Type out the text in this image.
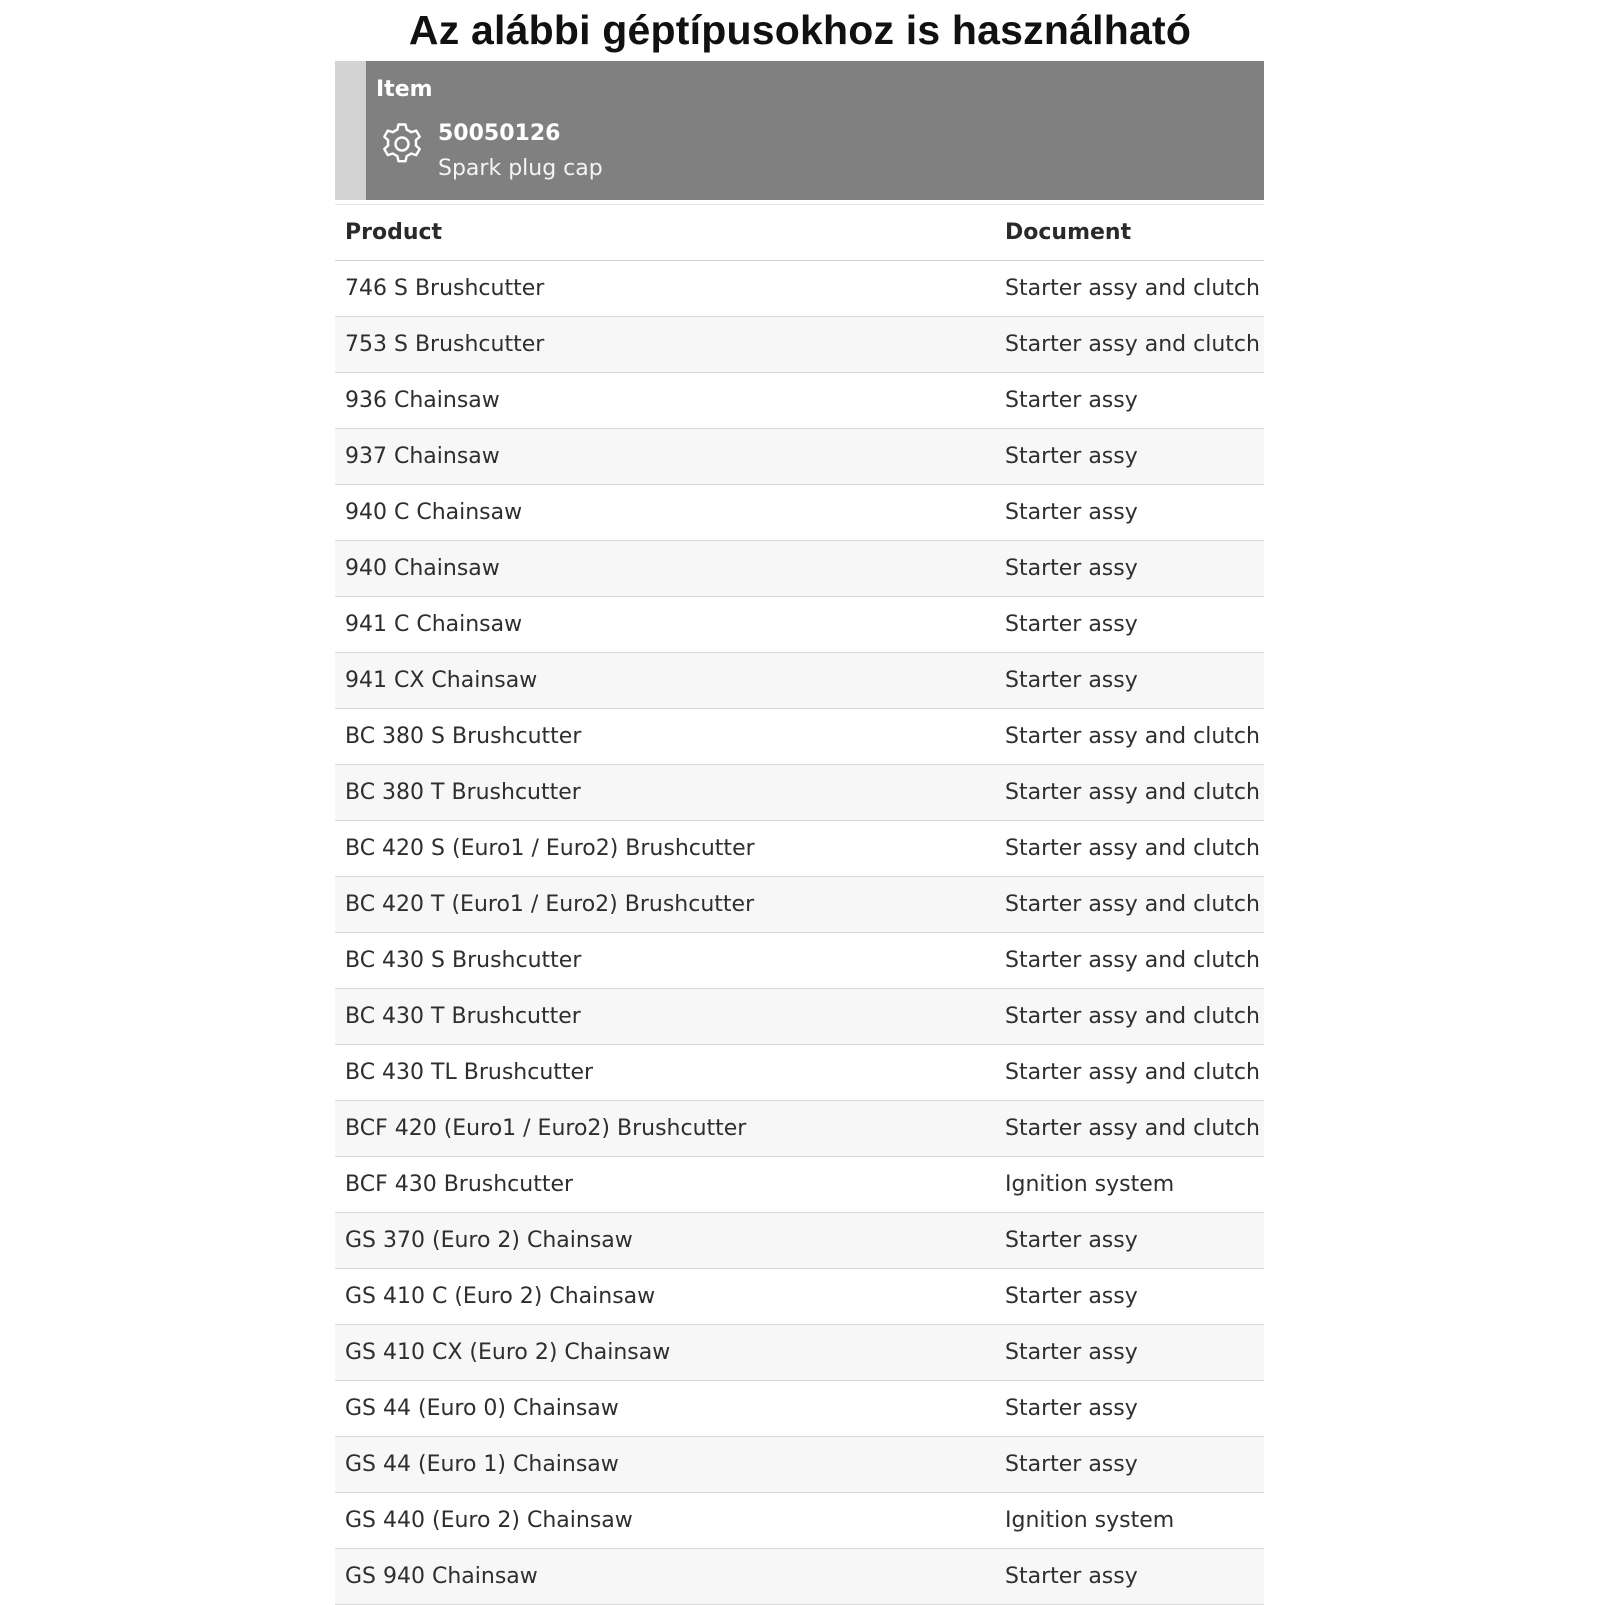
Az alábbi géptípusokhoz is használható
Item
50050126
Spark plug cap
Product	Document
746 S Brushcutter	Starter assy and clutch
753 S Brushcutter	Starter assy and clutch
936 Chainsaw	Starter assy
937 Chainsaw	Starter assy
940 C Chainsaw	Starter assy
940 Chainsaw	Starter assy
941 C Chainsaw	Starter assy
941 CX Chainsaw	Starter assy
BC 380 S Brushcutter	Starter assy and clutch
BC 380 T Brushcutter	Starter assy and clutch
BC 420 S (Euro1 / Euro2) Brushcutter	Starter assy and clutch
BC 420 T (Euro1 / Euro2) Brushcutter	Starter assy and clutch
BC 430 S Brushcutter	Starter assy and clutch
BC 430 T Brushcutter	Starter assy and clutch
BC 430 TL Brushcutter	Starter assy and clutch
BCF 420 (Euro1 / Euro2) Brushcutter	Starter assy and clutch
BCF 430 Brushcutter	Ignition system
GS 370 (Euro 2) Chainsaw	Starter assy
GS 410 C (Euro 2) Chainsaw	Starter assy
GS 410 CX (Euro 2) Chainsaw	Starter assy
GS 44 (Euro 0) Chainsaw	Starter assy
GS 44 (Euro 1) Chainsaw	Starter assy
GS 440 (Euro 2) Chainsaw	Ignition system
GS 940 Chainsaw	Starter assy
